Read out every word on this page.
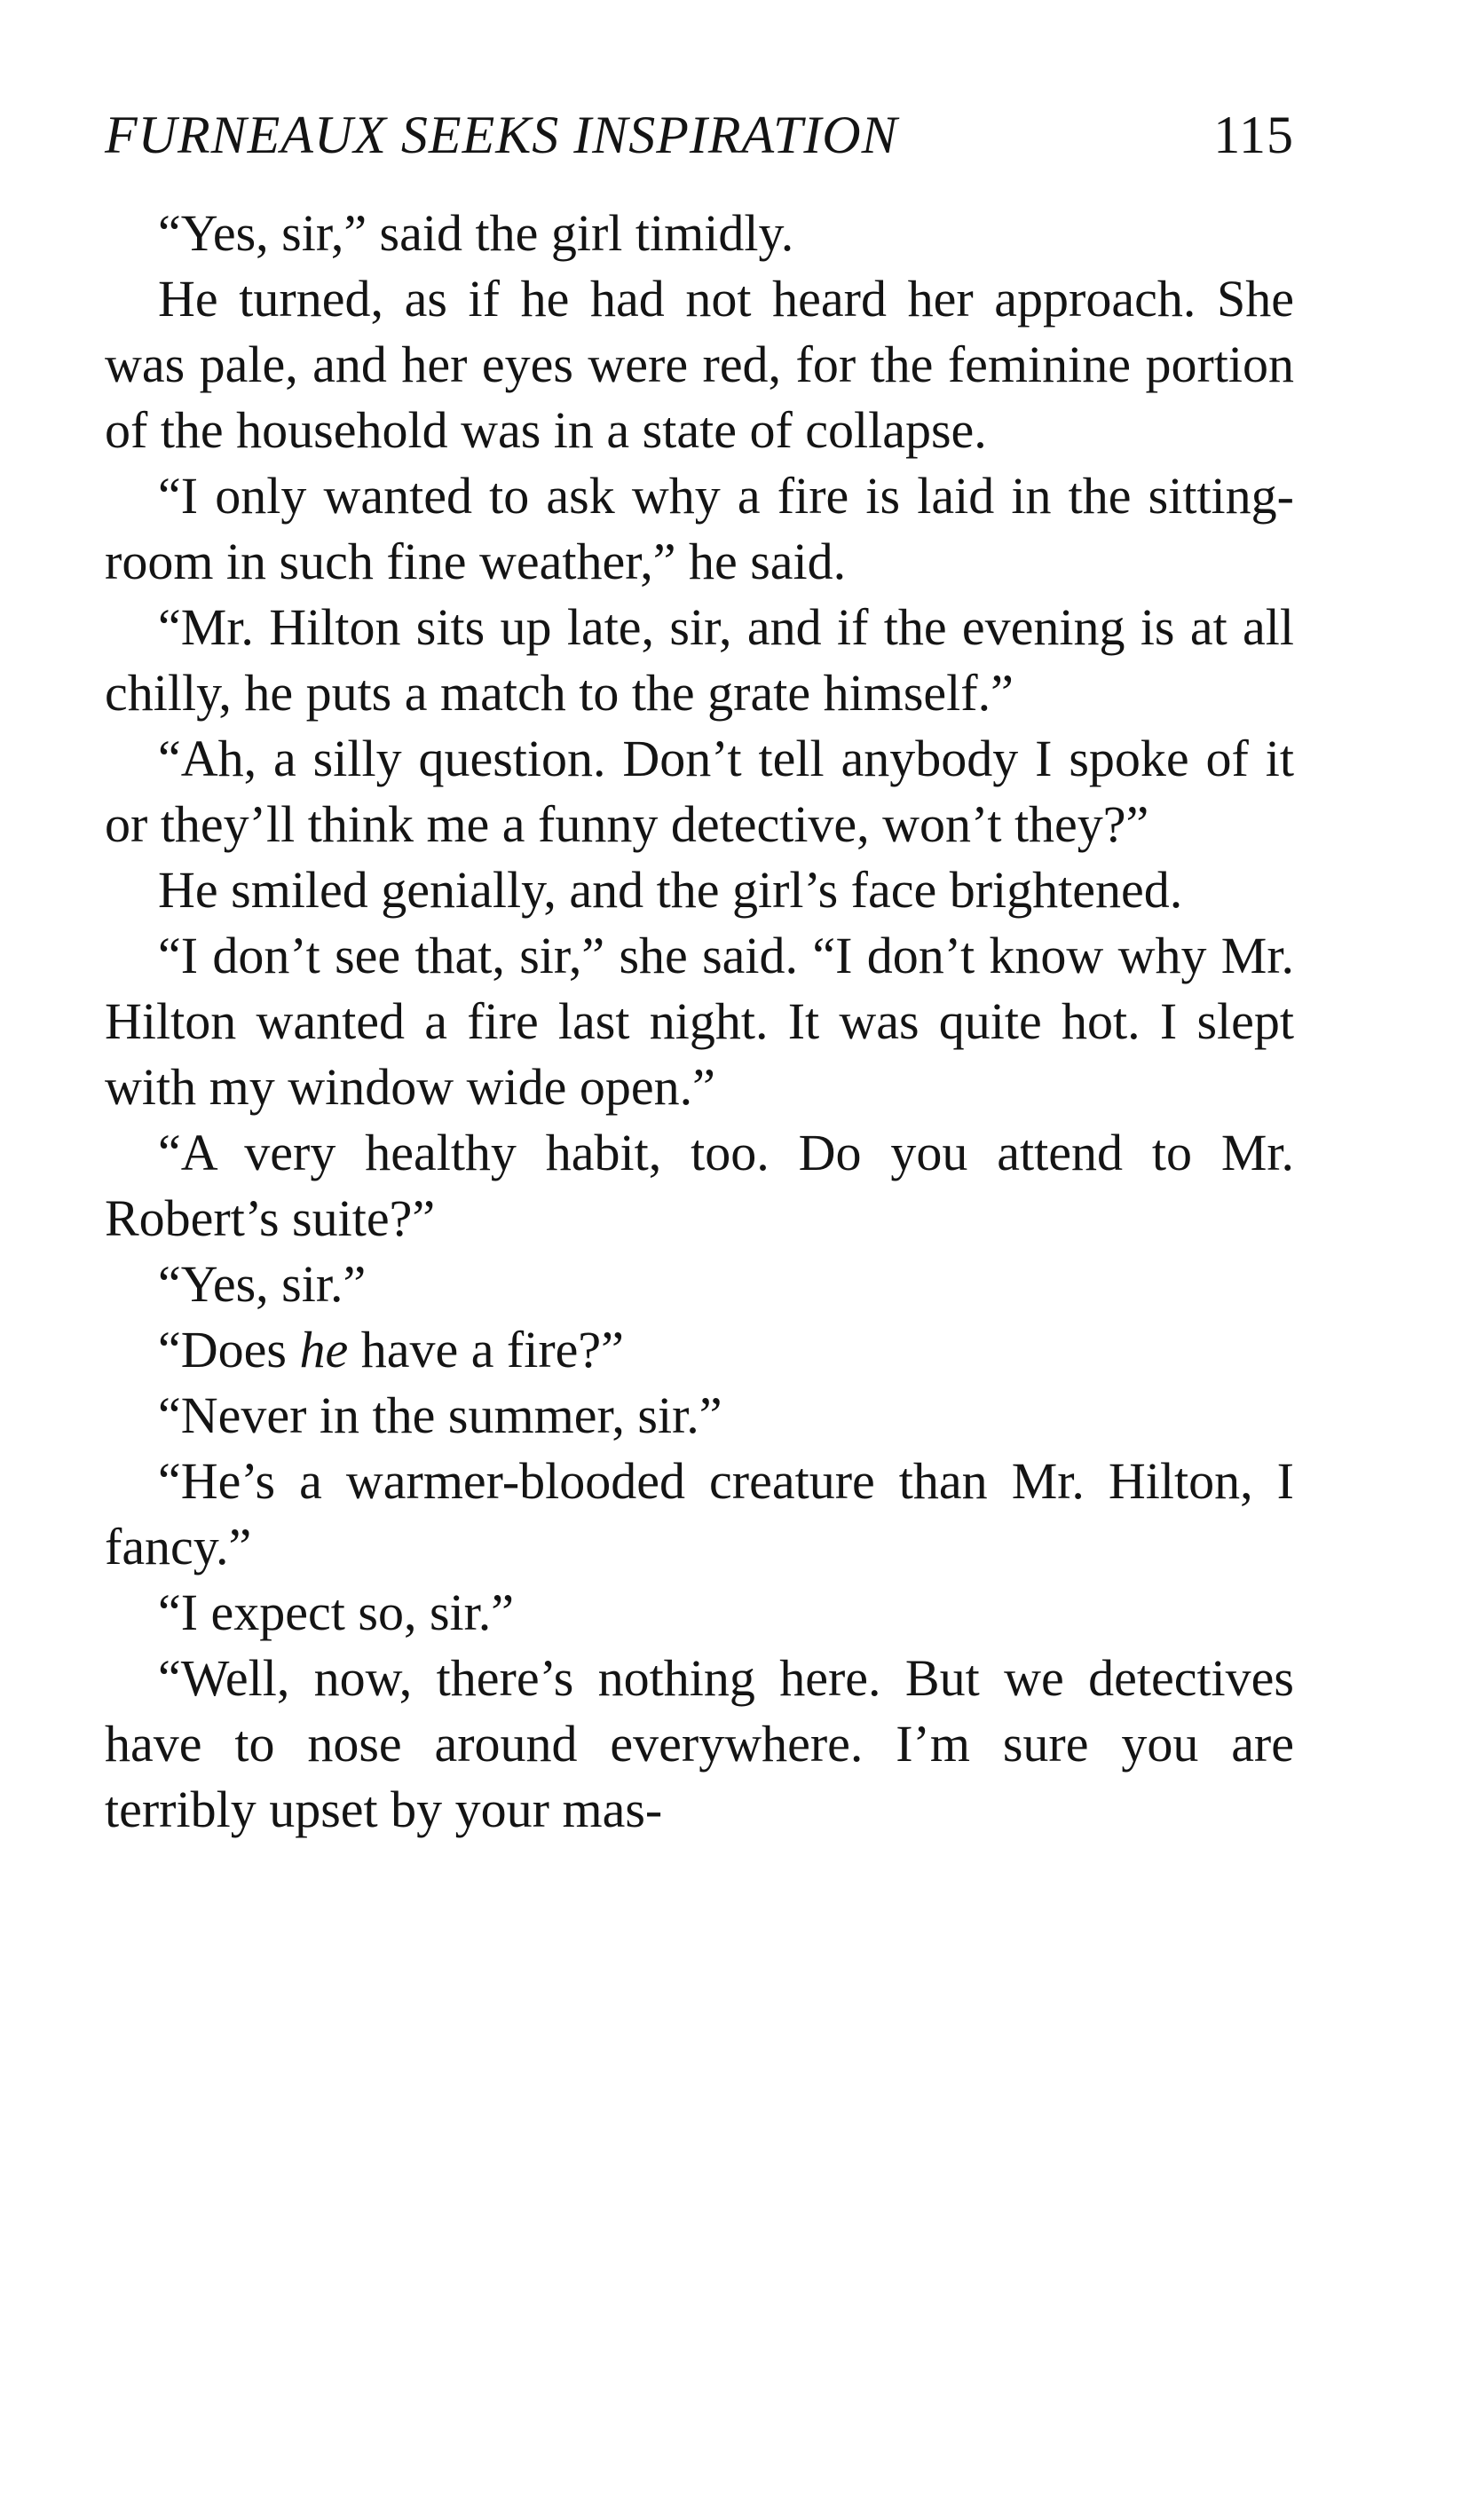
FURNEAUX SEEKS INSPIRATION	115

“Yes, sir,” said the girl timidly.

He turned, as if he had not heard her approach. She was pale, and her eyes were red, for the feminine portion of the household was in a state of collapse.

“I only wanted to ask why a fire is laid in the sitting-room in such fine weather,” he said.

“Mr. Hilton sits up late, sir, and if the evening is at all chilly, he puts a match to the grate himself.”

“Ah, a silly question. Don’t tell anybody I spoke of it or they’ll think me a funny detective, won’t they?”

He smiled genially, and the girl’s face brightened.

“I don’t see that, sir,” she said. “I don’t know why Mr. Hilton wanted a fire last night. It was quite hot. I slept with my window wide open.”

“A very healthy habit, too. Do you attend to Mr. Robert’s suite?”

“Yes, sir.”

“Does he have a fire?”

“Never in the summer, sir.”

“He’s a warmer-blooded creature than Mr. Hilton, I fancy.”

“I expect so, sir.”

“Well, now, there’s nothing here. But we detectives have to nose around everywhere. I’m sure you are terribly upset by your mas-
